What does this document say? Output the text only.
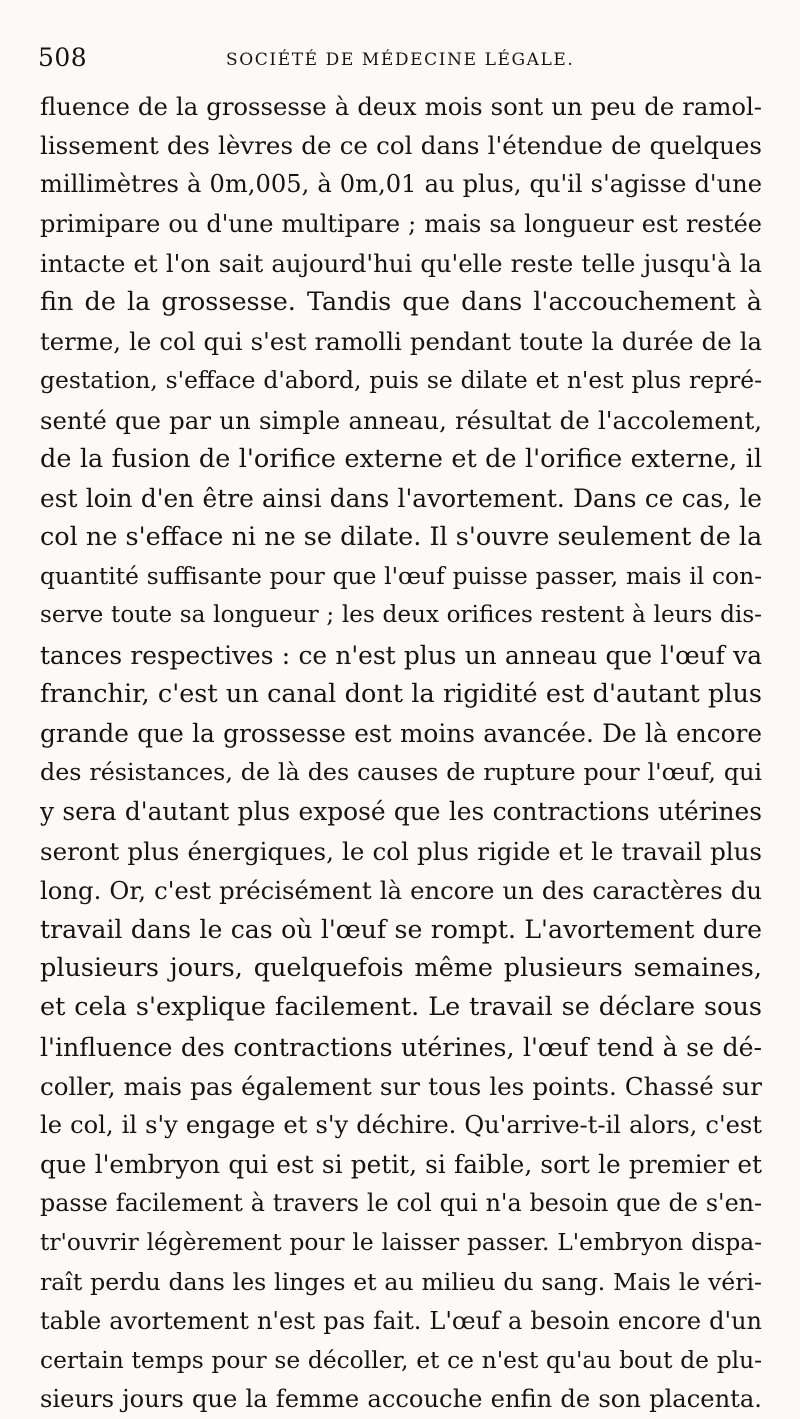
508	SOCIÉTÉ DE MÉDECINE LÉGALE.
fluence de la grossesse à deux mois sont un peu de ramol-
lissement des lèvres de ce col dans l'étendue de quelques
millimètres à 0m,005, à 0m,01 au plus, qu'il s'agisse d'une
primipare ou d'une multipare ; mais sa longueur est restée
intacte et l'on sait aujourd'hui qu'elle reste telle jusqu'à la
fin de la grossesse. Tandis que dans l'accouchement à
terme, le col qui s'est ramolli pendant toute la durée de la
gestation, s'efface d'abord, puis se dilate et n'est plus repré-
senté que par un simple anneau, résultat de l'accolement,
de la fusion de l'orifice externe et de l'orifice externe, il
est loin d'en être ainsi dans l'avortement. Dans ce cas, le
col ne s'efface ni ne se dilate. Il s'ouvre seulement de la
quantité suffisante pour que l'œuf puisse passer, mais il con-
serve toute sa longueur ; les deux orifices restent à leurs dis-
tances respectives : ce n'est plus un anneau que l'œuf va
franchir, c'est un canal dont la rigidité est d'autant plus
grande que la grossesse est moins avancée. De là encore
des résistances, de là des causes de rupture pour l'œuf, qui
y sera d'autant plus exposé que les contractions utérines
seront plus énergiques, le col plus rigide et le travail plus
long. Or, c'est précisément là encore un des caractères du
travail dans le cas où l'œuf se rompt. L'avortement dure
plusieurs jours, quelquefois même plusieurs semaines,
et cela s'explique facilement. Le travail se déclare sous
l'influence des contractions utérines, l'œuf tend à se dé-
coller, mais pas également sur tous les points. Chassé sur
le col, il s'y engage et s'y déchire. Qu'arrive-t-il alors, c'est
que l'embryon qui est si petit, si faible, sort le premier et
passe facilement à travers le col qui n'a besoin que de s'en-
tr'ouvrir légèrement pour le laisser passer. L'embryon dispa-
raît perdu dans les linges et au milieu du sang. Mais le véri-
table avortement n'est pas fait. L'œuf a besoin encore d'un
certain temps pour se décoller, et ce n'est qu'au bout de plu-
sieurs jours que la femme accouche enfin de son placenta.
